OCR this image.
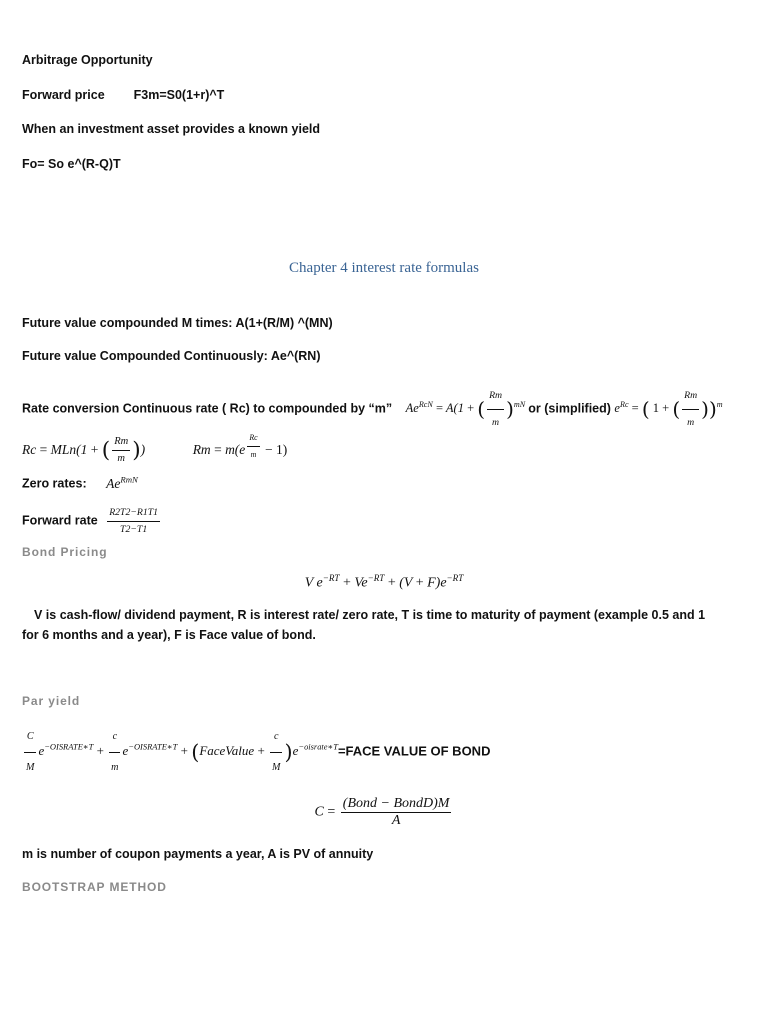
Arbitrage Opportunity
Forward price F3m=S0(1+r)^T
When an investment asset provides a known yield
Fo= So e^(R-Q)T
Chapter 4 interest rate formulas
Future value compounded M times: A(1+(R/M) ^(MN)
Future value Compounded Continuously: Ae^(RN)
Rate conversion Continuous rate ( Rc) to compounded by “m” $Ae^{RcN} = A(1$ + ( $\frac{Rm}{m} )^{mN}$ or (simplified) $e^{Rc}$ = ( 1 + ( $\frac{Rm}{m} ))^m$
Rc = MLn(1 + ( $\frac{Rm}{m}$ ))	Rm = m(e $^{\frac{Rc}{m}}$ − 1)
Zero rates: $Ae^{RmN}$
Forward rate $\frac{R2T2-R1T1}{T2-T1}$
Bond Pricing
V $e^{-RT} + Ve^{-RT} + (V + F)e^{-RT}$
V is cash-flow/ dividend payment, R is interest rate/ zero rate, T is time to maturity of payment (example 0.5 and 1 for 6 months and a year), F is Face value of bond.
Par yield
$\frac{C}{M} e^{-OISRATE∗T} + \frac{c}{m} e^{-OISRATE∗T}$ + (FaceValue + $\frac{c}{M}$ )$e^{-oisrate∗T}=FACE$ VALUE OF BOND
$C = \frac{\text{(Bond − BondD)M}}{A}$
m is number of coupon payments a year, A is PV of annuity
BOOTSTRAP METHOD
